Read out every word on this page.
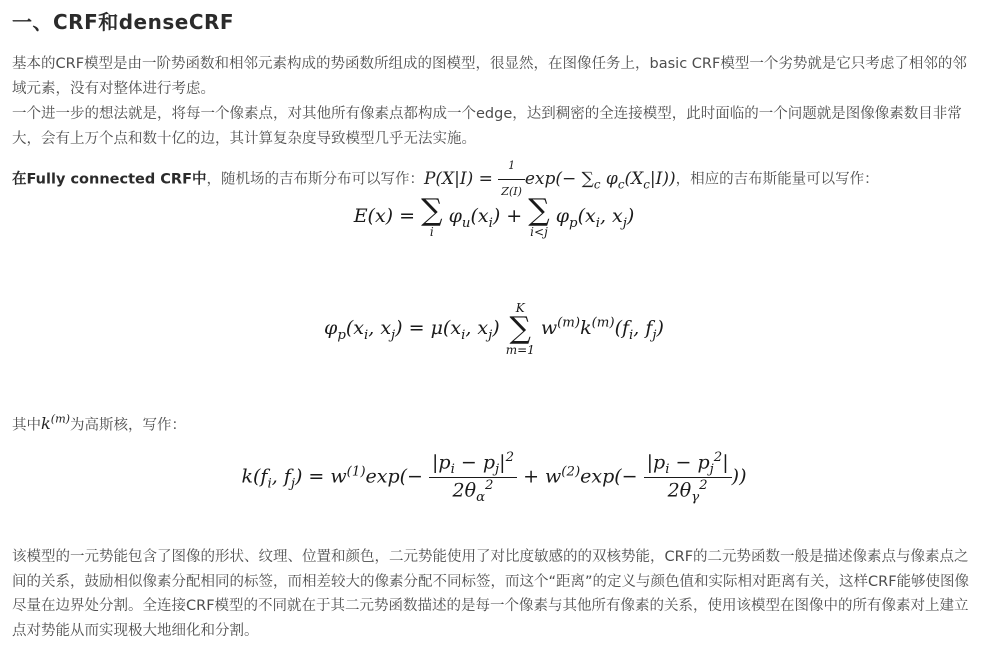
一、CRF和denseCRF
基本的CRF模型是由一阶势函数和相邻元素构成的势函数所组成的图模型，很显然，在图像任务上，basic CRF模型一个劣势就是它只考虑了相邻的邻域元素，没有对整体进行考虑。
一个进一步的想法就是，将每一个像素点，对其他所有像素点都构成一个edge，达到稠密的全连接模型，此时面临的一个问题就是图像像素数目非常大，会有上万个点和数十亿的边，其计算复杂度导致模型几乎无法实施。
在Fully connected CRF中，随机场的吉布斯分布可以写作：$P(X|I) = \frac{1}{Z(I)} \exp(- \sum_c$ $\varphi_c(X_c|I)$)，相应的吉布斯能量可以写作：
E(x) = ∑
i
$\varphi_u(x_i)$ + ∑
i<j
$\varphi_p(x_i$, $x_j$)
$\varphi_p(x_i$, $x_j) = \mu(x_i$, $x_j$)
K
∑
m=1
$w^{(m)}k^{(m)}(f_i$, $f_j$)
其中$k^{(m)}$为高斯核，写作：
$k(f_i$, $f_j) = w^{(1)}\exp(- \frac{|p_i - p_j|^2}{2\theta_\alpha^2} + w^{(2)}\exp(- \frac{|p_i - p_j^2|}{2\theta_\gamma^2}$ ))
该模型的一元势能包含了图像的形状、纹理、位置和颜色，二元势能使用了对比度敏感的的双核势能，CRF的二元势函数一般是描述像素点与像素点之间的关系，鼓励相似像素分配相同的标签，而相差较大的像素分配不同标签，而这个“距离”的定义与颜色值和实际相对距离有关，这样CRF能够使图像尽量在边界处分割。全连接CRF模型的不同就在于其二元势函数描述的是每一个像素与其他所有像素的关系，使用该模型在图像中的所有像素对上建立点对势能从而实现极大地细化和分割。
